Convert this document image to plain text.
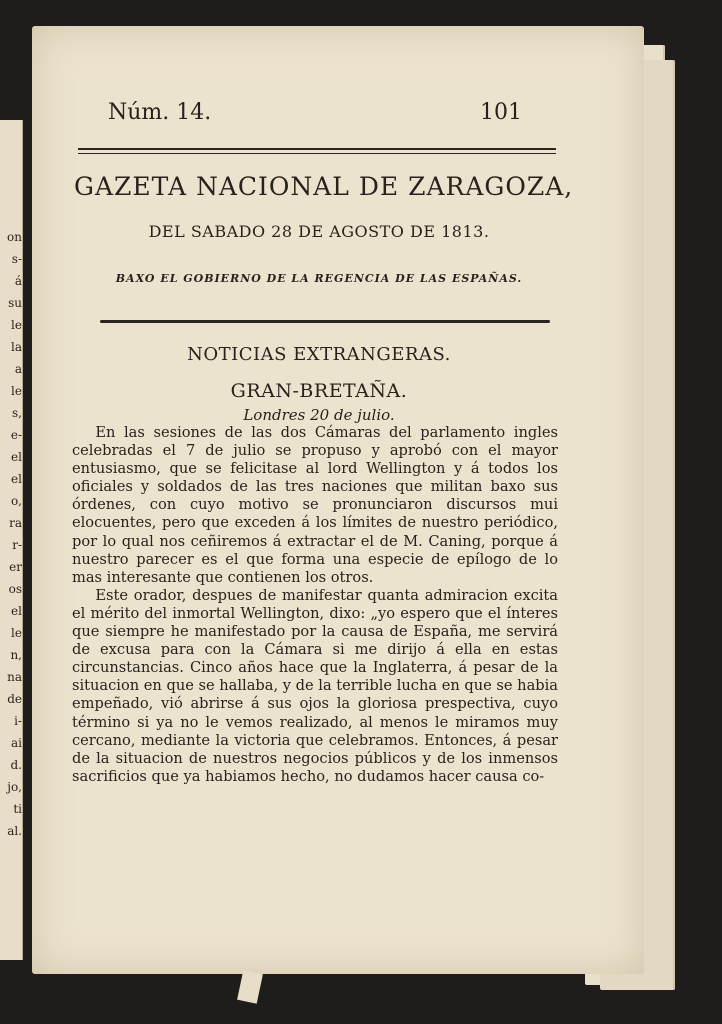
on
s-
á
su
le
la
a
le
s,
e-
el
el
o,
ra
r-
er
os
el
le
n,
na
de
i-
ai
d.
jo,
ti
al.
Núm. 14.	101
GAZETA NACIONAL DE ZARAGOZA,
DEL SABADO 28 DE AGOSTO DE 1813.
BAXO EL GOBIERNO DE LA REGENCIA DE LAS ESPAÑAS.
NOTICIAS EXTRANGERAS.
GRAN-BRETAÑA.
Londres 20 de julio.

En las sesiones de las dos Cámaras del parlamento ingles celebradas el 7 de julio se propuso y aprobó con el mayor entusiasmo, que se felicitase al lord Wellington y á todos los oficiales y soldados de las tres naciones que militan baxo sus órdenes, con cuyo motivo se pronunciaron discursos mui elocuentes, pero que exceden á los límites de nuestro periódico, por lo qual nos ceñiremos á extractar el de M. Caning, porque á nuestro parecer es el que forma una especie de epílogo de lo mas interesante que contienen los otros.

Este orador, despues de manifestar quanta admiracion excita el mérito del inmortal Wellington, dixo: „yo espero que el ínteres que siempre he manifestado por la causa de España, me servirá de excusa para con la Cámara si me dirijo á ella en estas circunstancias. Cinco años hace que la Inglaterra, á pesar de la situacion en que se hallaba, y de la terrible lucha en que se habia empeñado, vió abrirse á sus ojos la gloriosa prespectiva, cuyo término si ya no le vemos realizado, al menos le miramos muy cercano, mediante la victoria que celebramos. Entonces, á pesar de la situacion de nuestros negocios públicos y de los inmensos sacrificios que ya habiamos hecho, no dudamos hacer causa co-
